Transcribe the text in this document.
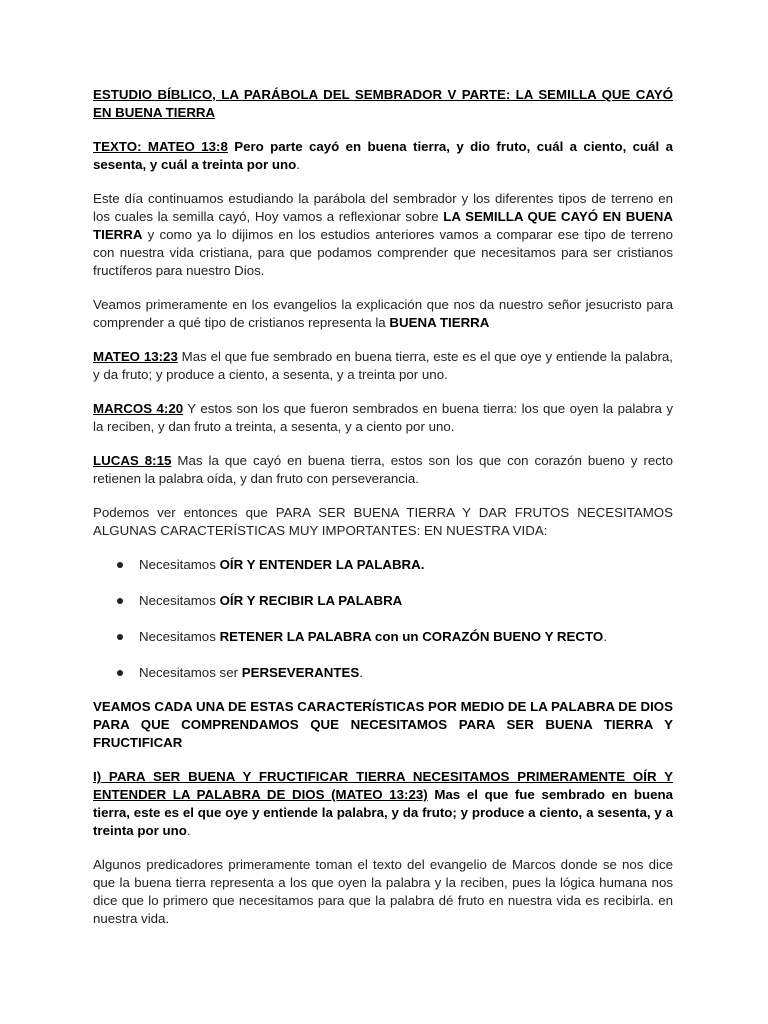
ESTUDIO BÍBLICO, LA PARÁBOLA DEL SEMBRADOR V PARTE: LA SEMILLA QUE CAYÓ EN BUENA TIERRA

TEXTO: MATEO 13:8 Pero parte cayó en buena tierra, y dio fruto, cuál a ciento, cuál a sesenta, y cuál a treinta por uno.

Este día continuamos estudiando la parábola del sembrador y los diferentes tipos de terreno en los cuales la semilla cayó, Hoy vamos a reflexionar sobre LA SEMILLA QUE CAYÓ EN BUENA TIERRA y como ya lo dijimos en los estudios anteriores vamos a comparar ese tipo de terreno con nuestra vida cristiana, para que podamos comprender que necesitamos para ser cristianos fructíferos para nuestro Dios.

Veamos primeramente en los evangelios la explicación que nos da nuestro señor jesucristo para comprender a qué tipo de cristianos representa la BUENA TIERRA

MATEO 13:23 Mas el que fue sembrado en buena tierra, este es el que oye y entiende la palabra, y da fruto; y produce a ciento, a sesenta, y a treinta por uno.

MARCOS 4:20 Y estos son los que fueron sembrados en buena tierra: los que oyen la palabra y la reciben, y dan fruto a treinta, a sesenta, y a ciento por uno.

LUCAS 8:15 Mas la que cayó en buena tierra, estos son los que con corazón bueno y recto retienen la palabra oída, y dan fruto con perseverancia.

Podemos ver entonces que PARA SER BUENA TIERRA Y DAR FRUTOS NECESITAMOS ALGUNAS CARACTERÍSTICAS MUY IMPORTANTES: EN NUESTRA VIDA:

Necesitamos OÍR Y ENTENDER LA PALABRA.
Necesitamos OÍR Y RECIBIR LA PALABRA
Necesitamos RETENER LA PALABRA con un CORAZÓN BUENO Y RECTO.
Necesitamos ser PERSEVERANTES.

VEAMOS CADA UNA DE ESTAS CARACTERÍSTICAS POR MEDIO DE LA PALABRA DE DIOS PARA QUE COMPRENDAMOS QUE NECESITAMOS PARA SER BUENA TIERRA Y FRUCTIFICAR

I) PARA SER BUENA Y FRUCTIFICAR TIERRA NECESITAMOS PRIMERAMENTE OÍR Y ENTENDER LA PALABRA DE DIOS (MATEO 13:23) Mas el que fue sembrado en buena tierra, este es el que oye y entiende la palabra, y da fruto; y produce a ciento, a sesenta, y a treinta por uno.

Algunos predicadores primeramente toman el texto del evangelio de Marcos donde se nos dice que la buena tierra representa a los que oyen la palabra y la reciben, pues la lógica humana nos dice que lo primero que necesitamos para que la palabra dé fruto en nuestra vida es recibirla. en nuestra vida.
